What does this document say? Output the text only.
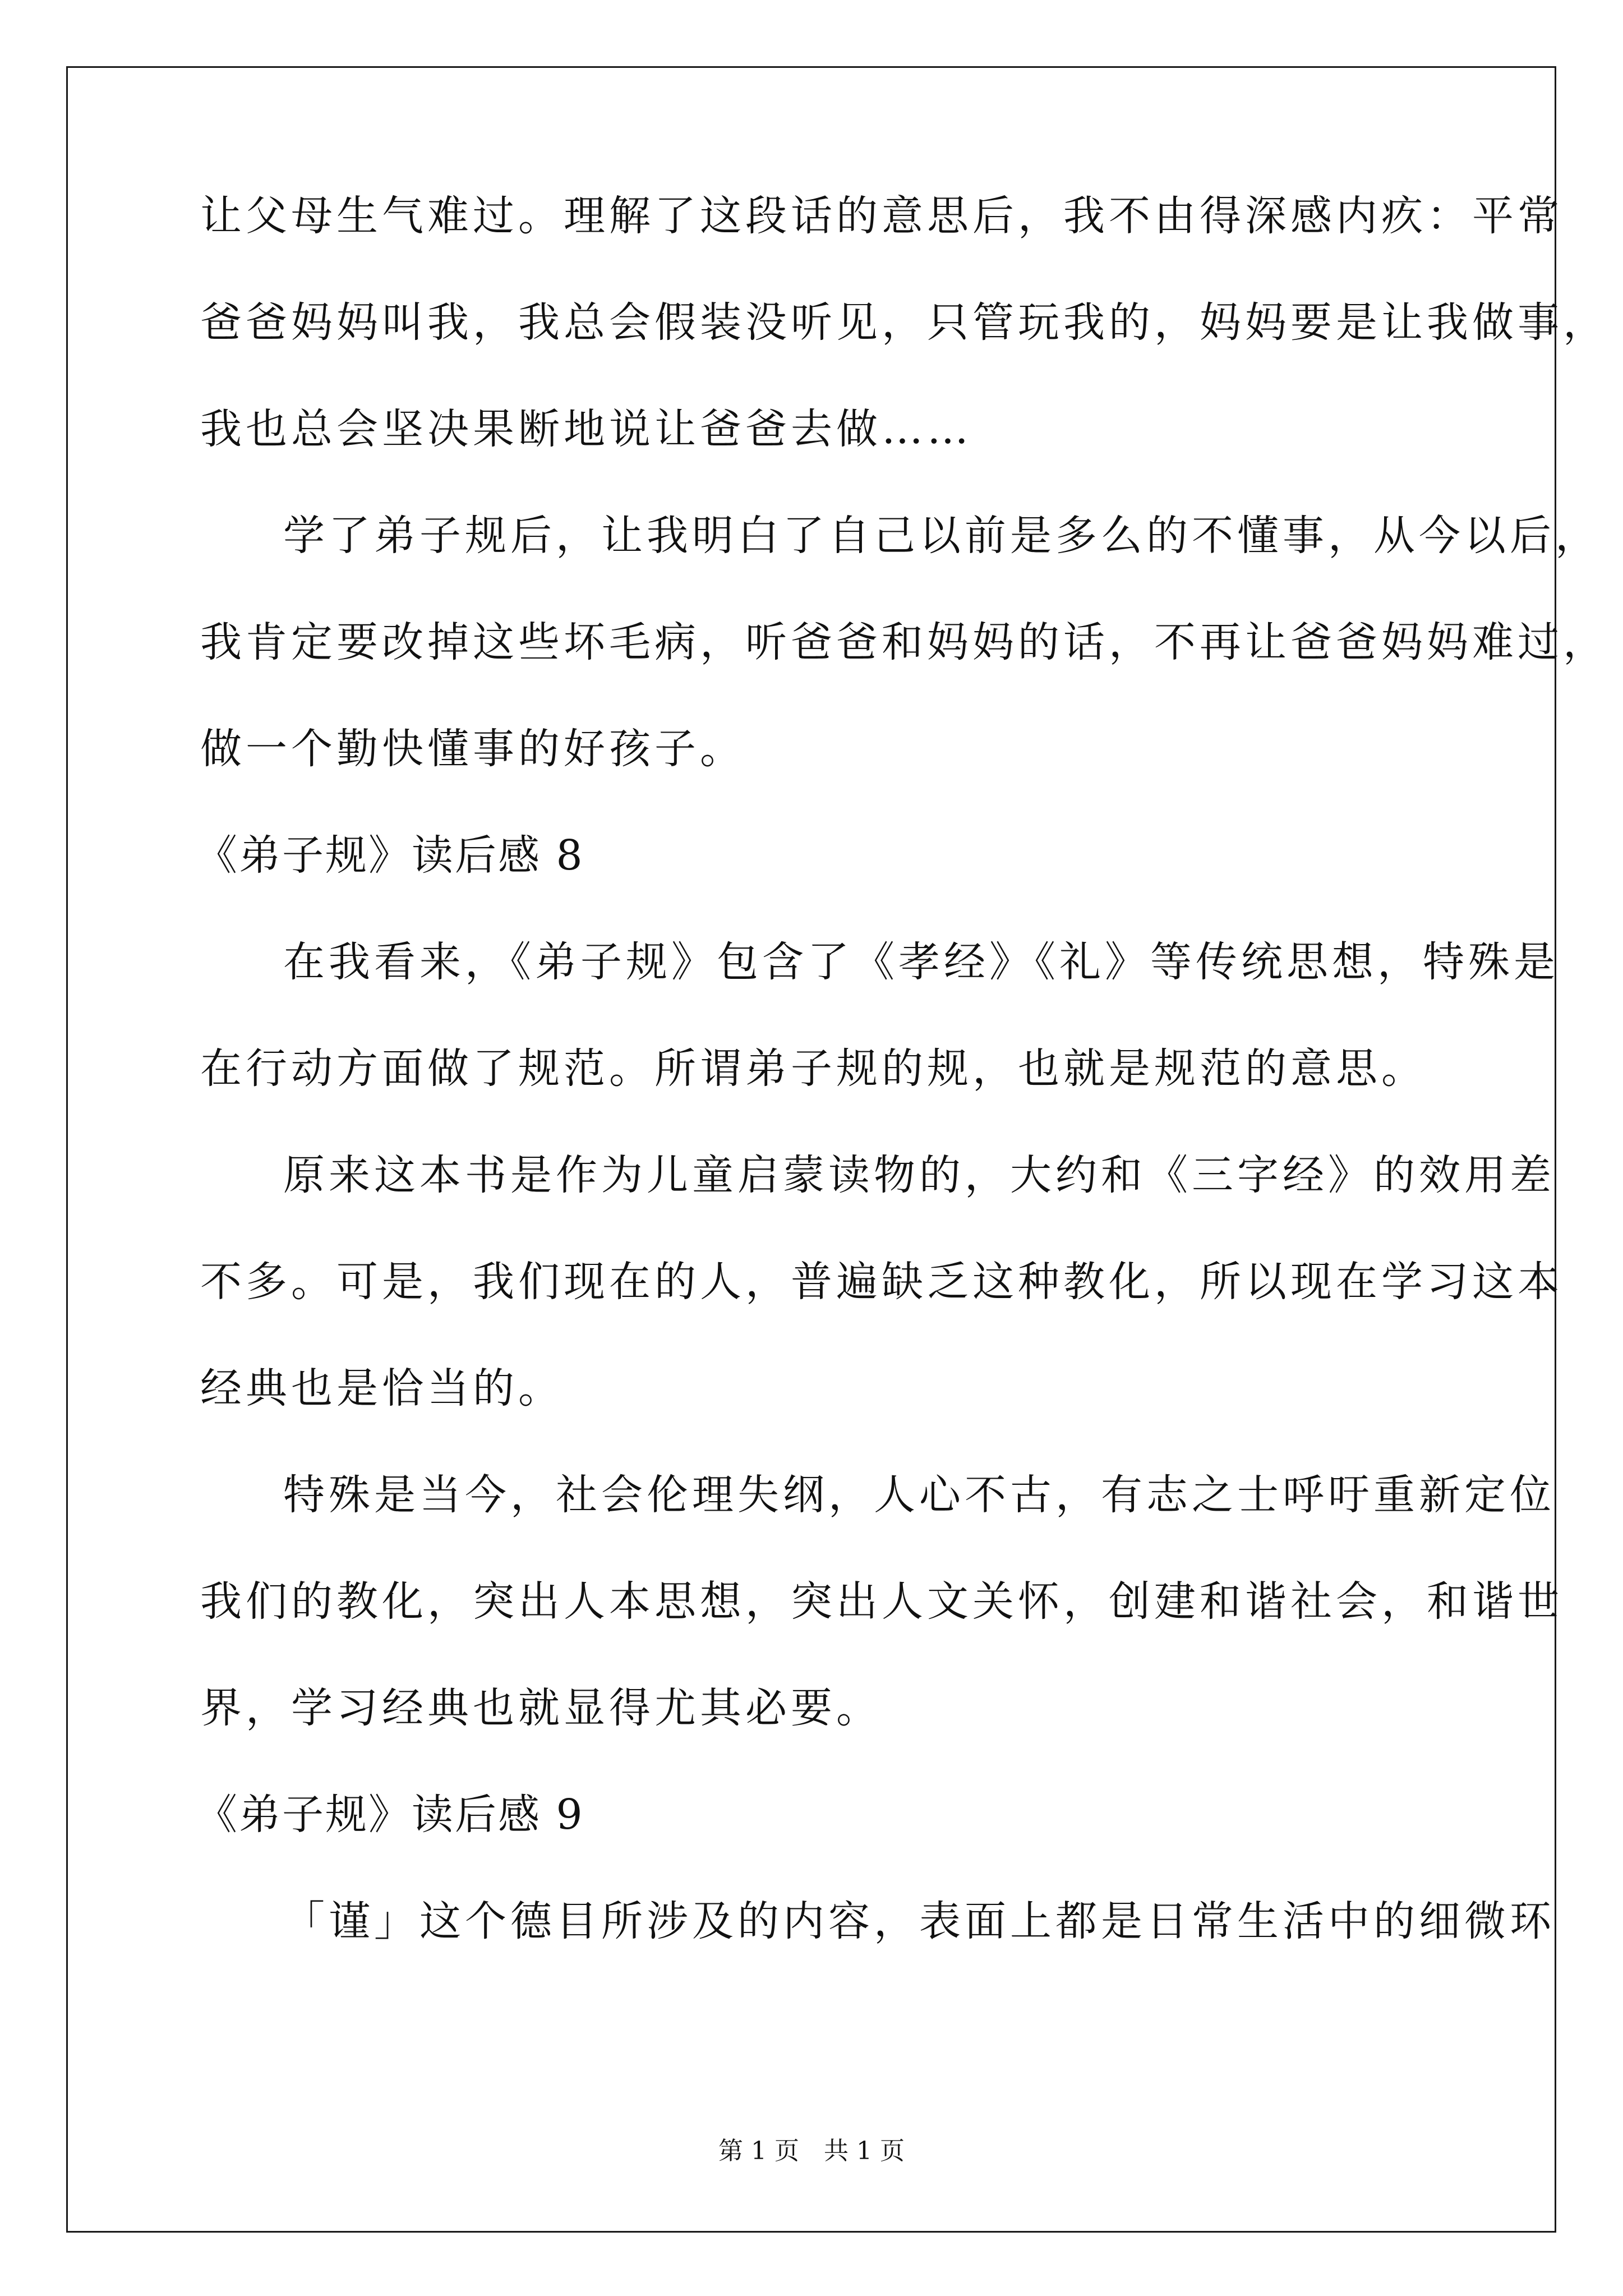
让父母生气难过。理解了这段话的意思后，我不由得深感内疚：平常
爸爸妈妈叫我，我总会假装没听见，只管玩我的，妈妈要是让我做事，
我也总会坚决果断地说让爸爸去做……
学了弟子规后，让我明白了自己以前是多么的不懂事，从今以后，
我肯定要改掉这些坏毛病，听爸爸和妈妈的话，不再让爸爸妈妈难过，
做一个勤快懂事的好孩子。
《弟子规》读后感 8
在我看来，《弟子规》包含了《孝经》《礼》等传统思想，特殊是
在行动方面做了规范。所谓弟子规的规，也就是规范的意思。
原来这本书是作为儿童启蒙读物的，大约和《三字经》的效用差
不多。可是，我们现在的人，普遍缺乏这种教化，所以现在学习这本
经典也是恰当的。
特殊是当今，社会伦理失纲，人心不古，有志之士呼吁重新定位
我们的教化，突出人本思想，突出人文关怀，创建和谐社会，和谐世
界，学习经典也就显得尤其必要。
《弟子规》读后感 9
「谨」这个德目所涉及的内容，表面上都是日常生活中的细微环
第 1 页　共 1 页
